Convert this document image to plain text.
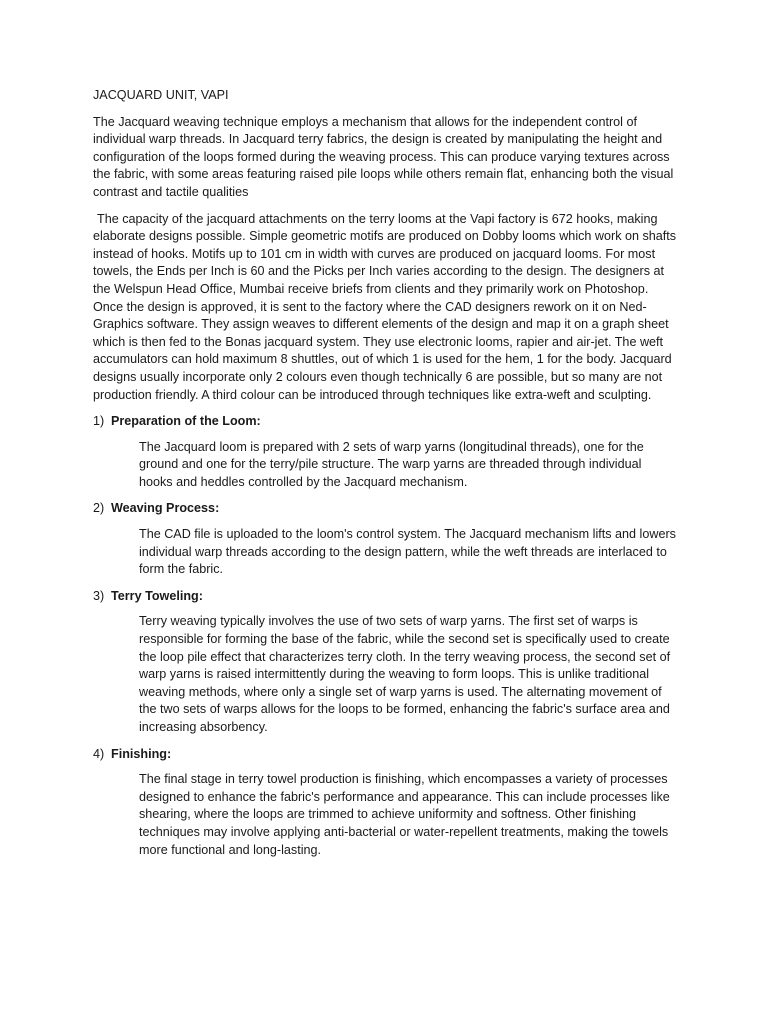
JACQUARD UNIT, VAPI

The Jacquard weaving technique employs a mechanism that allows for the independent control of individual warp threads. In Jacquard terry fabrics, the design is created by manipulating the height and configuration of the loops formed during the weaving process. This can produce varying textures across the fabric, with some areas featuring raised pile loops while others remain flat, enhancing both the visual contrast and tactile qualities

The capacity of the jacquard attachments on the terry looms at the Vapi factory is 672 hooks, making elaborate designs possible. Simple geometric motifs are produced on Dobby looms which work on shafts instead of hooks. Motifs up to 101 cm in width with curves are produced on jacquard looms. For most towels, the Ends per Inch is 60 and the Picks per Inch varies according to the design. The designers at the Welspun Head Office, Mumbai receive briefs from clients and they primarily work on Photoshop. Once the design is approved, it is sent to the factory where the CAD designers rework on it on Ned-Graphics software. They assign weaves to different elements of the design and map it on a graph sheet which is then fed to the Bonas jacquard system. They use electronic looms, rapier and air-jet. The weft accumulators can hold maximum 8 shuttles, out of which 1 is used for the hem, 1 for the body. Jacquard designs usually incorporate only 2 colours even though technically 6 are possible, but so many are not production friendly. A third colour can be introduced through techniques like extra-weft and sculpting.

1) Preparation of the Loom:

The Jacquard loom is prepared with 2 sets of warp yarns (longitudinal threads), one for the ground and one for the terry/pile structure. The warp yarns are threaded through individual hooks and heddles controlled by the Jacquard mechanism.

2) Weaving Process:

The CAD file is uploaded to the loom's control system. The Jacquard mechanism lifts and lowers individual warp threads according to the design pattern, while the weft threads are interlaced to form the fabric.

3) Terry Toweling:

Terry weaving typically involves the use of two sets of warp yarns. The first set of warps is responsible for forming the base of the fabric, while the second set is specifically used to create the loop pile effect that characterizes terry cloth. In the terry weaving process, the second set of warp yarns is raised intermittently during the weaving to form loops. This is unlike traditional weaving methods, where only a single set of warp yarns is used. The alternating movement of the two sets of warps allows for the loops to be formed, enhancing the fabric's surface area and increasing absorbency.

4) Finishing:

The final stage in terry towel production is finishing, which encompasses a variety of processes designed to enhance the fabric's performance and appearance. This can include processes like shearing, where the loops are trimmed to achieve uniformity and softness. Other finishing techniques may involve applying anti-bacterial or water-repellent treatments, making the towels more functional and long-lasting.
